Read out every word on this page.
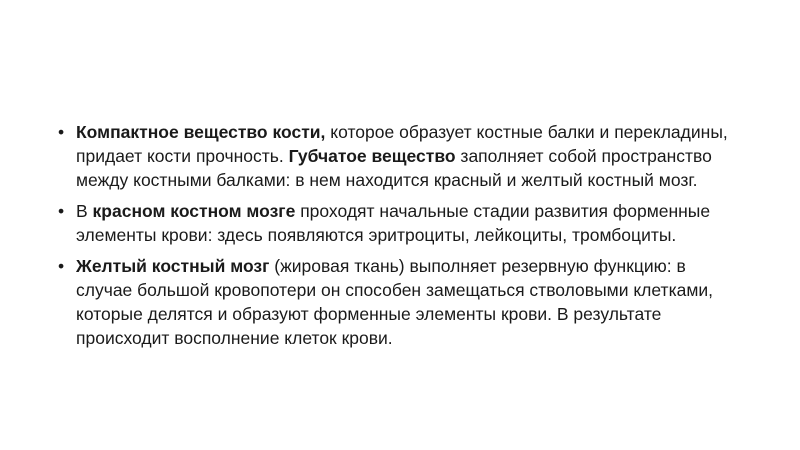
• Компактное вещество кости, которое образует костные балки и перекладины, придает кости прочность. Губчатое вещество заполняет собой пространство между костными балками: в нем находится красный и желтый костный мозг.
• В красном костном мозге проходят начальные стадии развития форменные элементы крови: здесь появляются эритроциты, лейкоциты, тромбоциты.
• Желтый костный мозг (жировая ткань) выполняет резервную функцию: в случае большой кровопотери он способен замещаться стволовыми клетками, которые делятся и образуют форменные элементы крови. В результате происходит восполнение клеток крови.
